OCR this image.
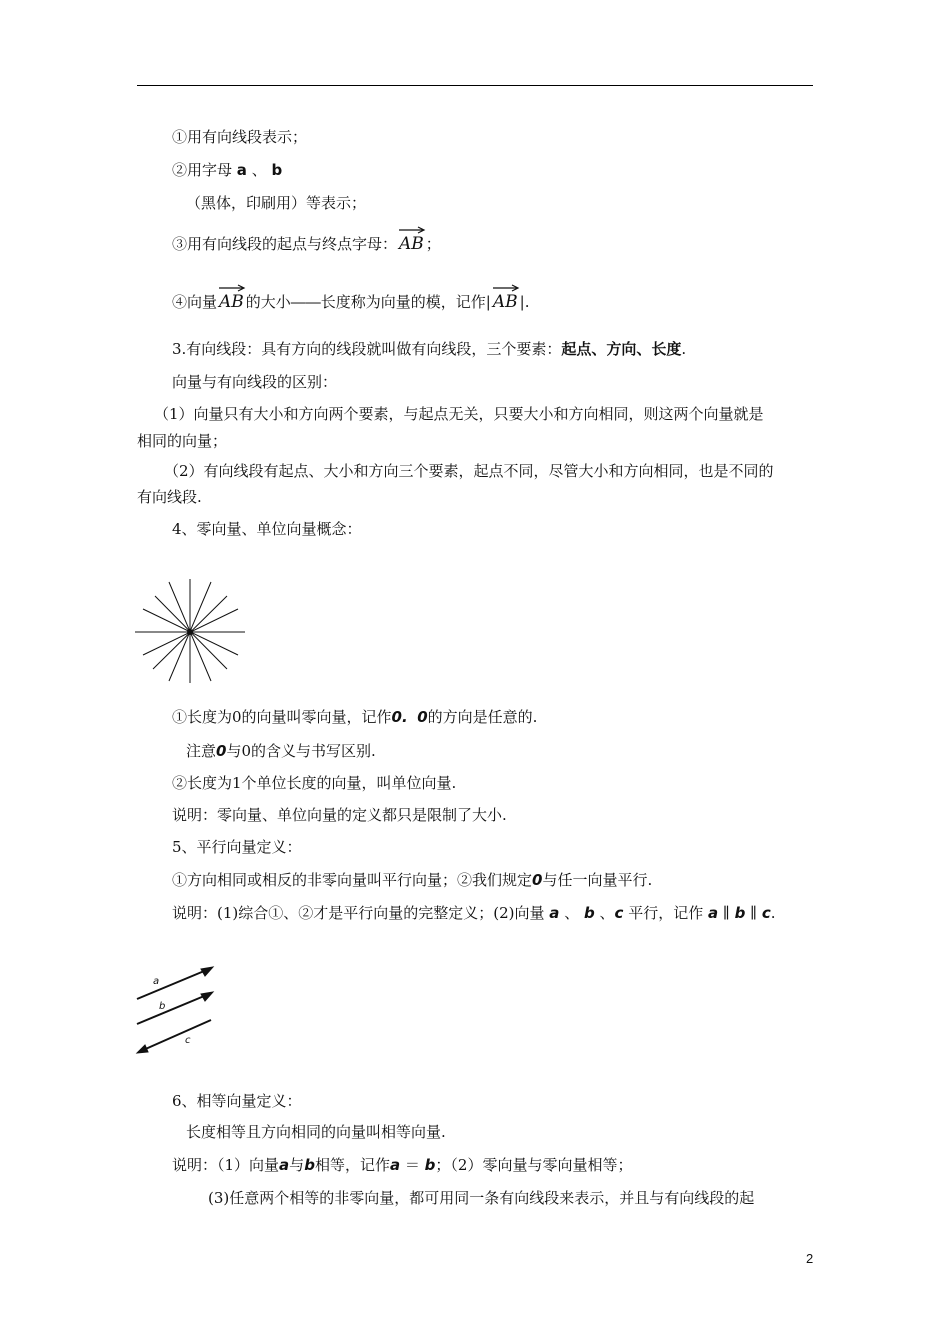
①用有向线段表示；
②用字母 a 、 b
（黑体，印刷用）等表示；
③用有向线段的起点与终点字母： AB ；
④向量 AB 的大小――长度称为向量的模，记作| AB |.
3.有向线段：具有方向的线段就叫做有向线段，三个要素：起点、方向、长度.
向量与有向线段的区别：
（1）向量只有大小和方向两个要素，与起点无关，只要大小和方向相同，则这两个向量就是
相同的向量；
（2）有向线段有起点、大小和方向三个要素，起点不同，尽管大小和方向相同，也是不同的
有向线段.
4、零向量、单位向量概念：
①长度为0的向量叫零向量，记作0. 0的方向是任意的.
注意0与0的含义与书写区别.
②长度为1个单位长度的向量，叫单位向量.
说明：零向量、单位向量的定义都只是限制了大小.
5、平行向量定义：
①方向相同或相反的非零向量叫平行向量；②我们规定0与任一向量平行.
说明：(1)综合①、②才是平行向量的完整定义；(2)向量 a 、 b 、c 平行，记作 a ∥ b ∥ c.
a
b
c
6、相等向量定义：
长度相等且方向相同的向量叫相等向量.
说明：（1）向量a与b相等，记作a ＝ b；（2）零向量与零向量相等；
(3)任意两个相等的非零向量，都可用同一条有向线段来表示，并且与有向线段的起
2
